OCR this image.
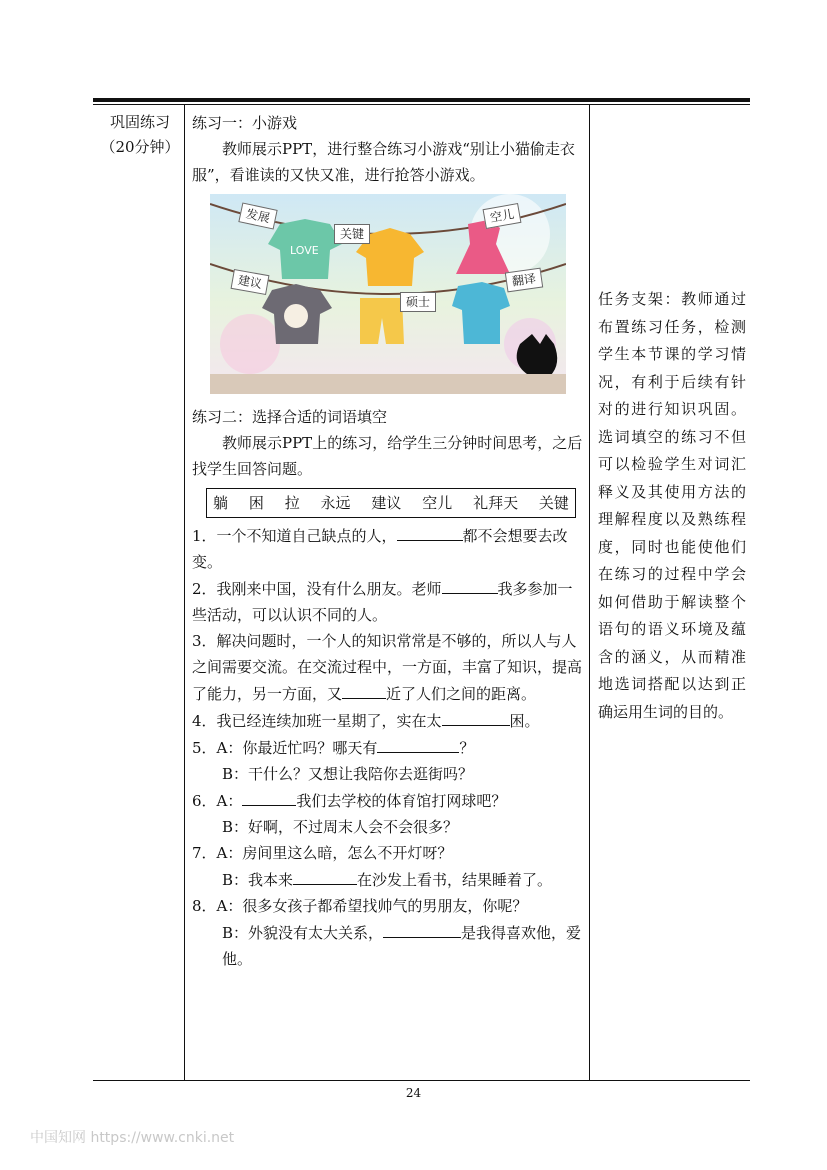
巩固练习
（20分钟）

练习一：小游戏

教师展示PPT，进行整合练习小游戏“别让小猫偷走衣服”，看谁读的又快又准，进行抢答小游戏。

LOVE
发展
关键
空儿
建议
硕士
翻译

练习二：选择合适的词语填空

教师展示PPT上的练习，给学生三分钟时间思考，之后找学生回答问题。

躺 困 拉 永远 建议 空儿 礼拜天 关键

1．一个不知道自己缺点的人，	都不会想要去改变。

2．我刚来中国，没有什么朋友。老师	我多参加一些活动，可以认识不同的人。

3．解决问题时，一个人的知识常常是不够的，所以人与人之间需要交流。在交流过程中，一方面，丰富了知识，提高了能力，另一方面，又	近了人们之间的距离。

4．我已经连续加班一星期了，实在太	困。

5．A：你最近忙吗？哪天有	？

B：干什么？又想让我陪你去逛街吗？

6．A：	我们去学校的体育馆打网球吧？

B：好啊，不过周末人会不会很多？

7．A：房间里这么暗，怎么不开灯呀？

B：我本来	在沙发上看书，结果睡着了。

8．A：很多女孩子都希望找帅气的男朋友，你呢？

B：外貌没有太大关系，	是我得喜欢他，爱他。

任务支架：教师通过布置练习任务，检测学生本节课的学习情况，有利于后续有针对的进行知识巩固。选词填空的练习不但可以检验学生对词汇释义及其使用方法的理解程度以及熟练程度，同时也能使他们在练习的过程中学会如何借助于解读整个语句的语义环境及蕴含的涵义，从而精准地选词搭配以达到正确运用生词的目的。
24
中国知网 https://www.cnki.net
